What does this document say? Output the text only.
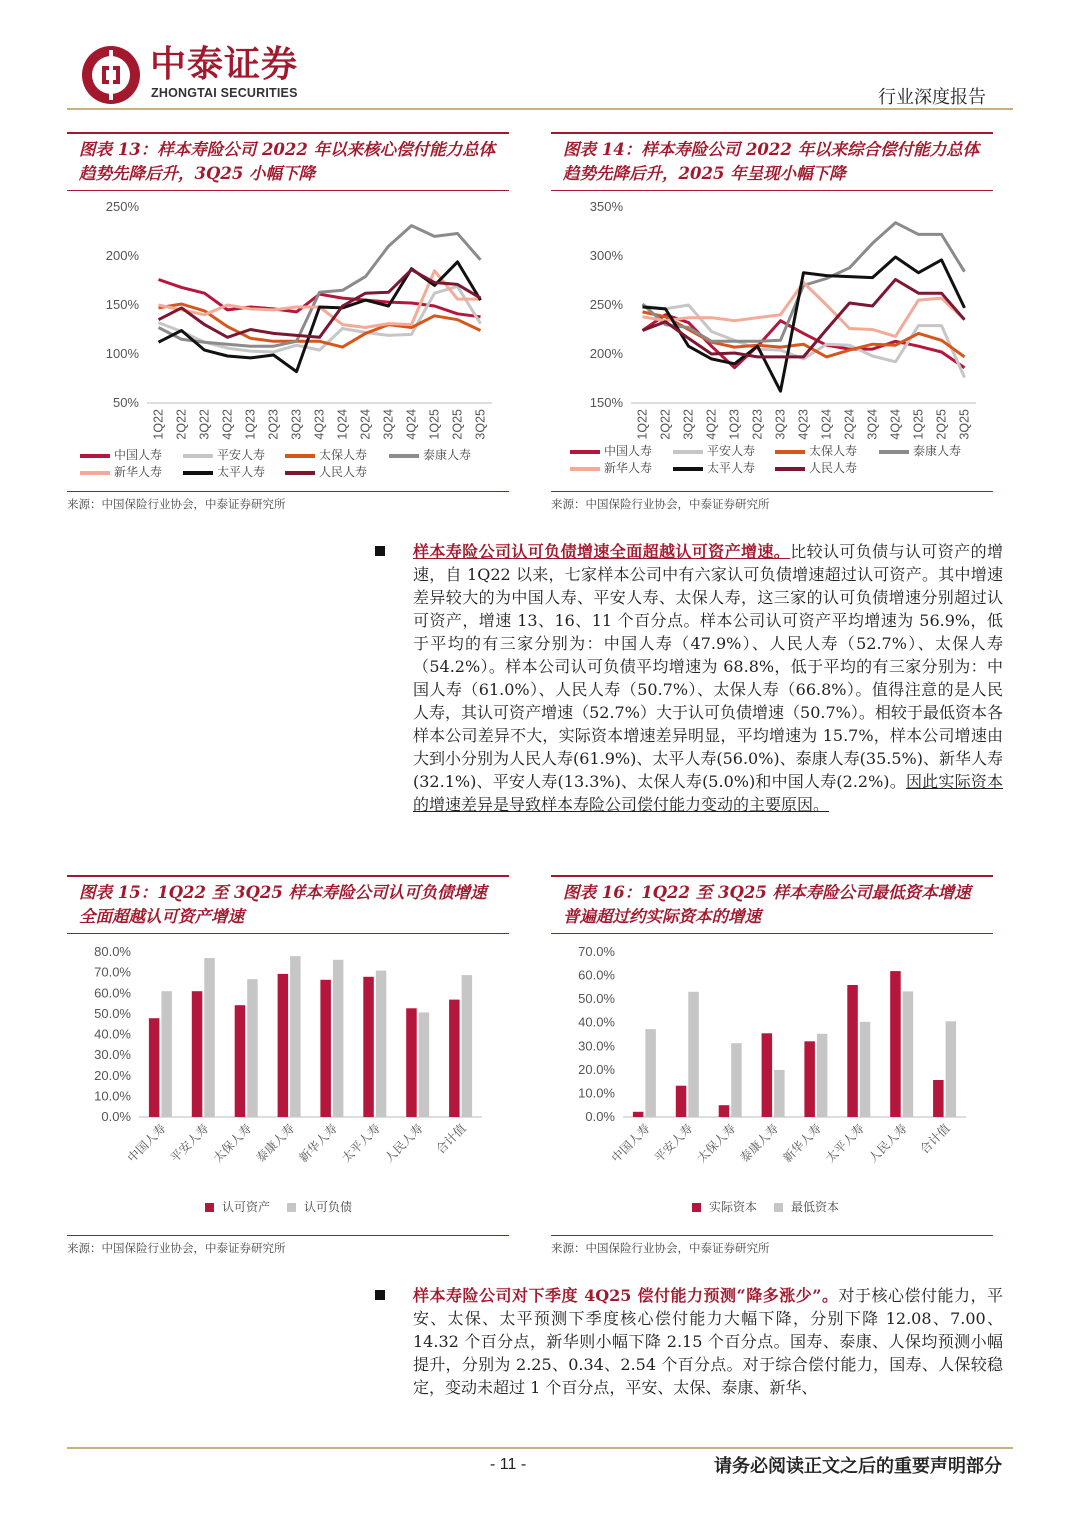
中泰证券
ZHONGTAI SECURITIES	行业深度报告
图表 13：样本寿险公司 2022 年以来核心偿付能力总体趋势先降后升，3Q25 小幅下降
50%
100%
150%
200%
250%
1Q22 2Q22 3Q22 4Q22 1Q23 2Q23 3Q23 4Q23 1Q24 2Q24 3Q24 4Q24 1Q25 2Q25 3Q25
中国人寿	平安人寿	太保人寿	泰康人寿
新华人寿	太平人寿	人民人寿
来源：中国保险行业协会，中泰证券研究所
图表 14：样本寿险公司 2022 年以来综合偿付能力总体趋势先降后升，2025 年呈现小幅下降
150%
200%
250%
300%
350%
1Q22 2Q22 3Q22 4Q22 1Q23 2Q23 3Q23 4Q23 1Q24 2Q24 3Q24 4Q24 1Q25 2Q25 3Q25
中国人寿	平安人寿	太保人寿	泰康人寿
新华人寿	太平人寿	人民人寿
来源：中国保险行业协会，中泰证券研究所
样本寿险公司认可负债增速全面超越认可资产增速。比较认可负债与认可资产的增速，自 1Q22 以来，七家样本公司中有六家认可负债增速超过认可资产。其中增速差异较大的为中国人寿、平安人寿、太保人寿，这三家的认可负债增速分别超过认可资产，增速 13、16、11 个百分点。样本公司认可资产平均增速为 56.9%，低于平均的有三家分别为：中国人寿（47.9%）、人民人寿（52.7%）、太保人寿（54.2%）。样本公司认可负债平均增速为 68.8%，低于平均的有三家分别为：中国人寿（61.0%）、人民人寿（50.7%）、太保人寿（66.8%）。值得注意的是人民人寿，其认可资产增速（52.7%）大于认可负债增速（50.7%）。相较于最低资本各样本公司差异不大，实际资本增速差异明显，平均增速为 15.7%，样本公司增速由大到小分别为人民人寿(61.9%)、太平人寿(56.0%)、泰康人寿(35.5%)、新华人寿(32.1%)、平安人寿(13.3%)、太保人寿(5.0%)和中国人寿(2.2%)。因此实际资本的增速差异是导致样本寿险公司偿付能力变动的主要原因。
图表 15：1Q22 至 3Q25 样本寿险公司认可负债增速全面超越认可资产增速
0.0%
10.0%
20.0%
30.0%
40.0%
50.0%
60.0%
70.0%
80.0%
中国人寿 平安人寿 太保人寿 泰康人寿 新华人寿 太平人寿 人民人寿 合计值
认可资产	认可负债
来源：中国保险行业协会，中泰证券研究所
图表 16：1Q22 至 3Q25 样本寿险公司最低资本增速普遍超过约实际资本的增速
0.0%
10.0%
20.0%
30.0%
40.0%
50.0%
60.0%
70.0%
中国人寿 平安人寿 太保人寿 泰康人寿 新华人寿 太平人寿 人民人寿 合计值
实际资本	最低资本
来源：中国保险行业协会，中泰证券研究所
样本寿险公司对下季度 4Q25 偿付能力预测“降多涨少”。对于核心偿付能力，平安、太保、太平预测下季度核心偿付能力大幅下降，分别下降 12.08、7.00、14.32 个百分点，新华则小幅下降 2.15 个百分点。国寿、泰康、人保均预测小幅提升，分别为 2.25、0.34、2.54 个百分点。对于综合偿付能力，国寿、人保较稳定，变动未超过 1 个百分点，平安、太保、泰康、新华、
- 11 -	请务必阅读正文之后的重要声明部分
